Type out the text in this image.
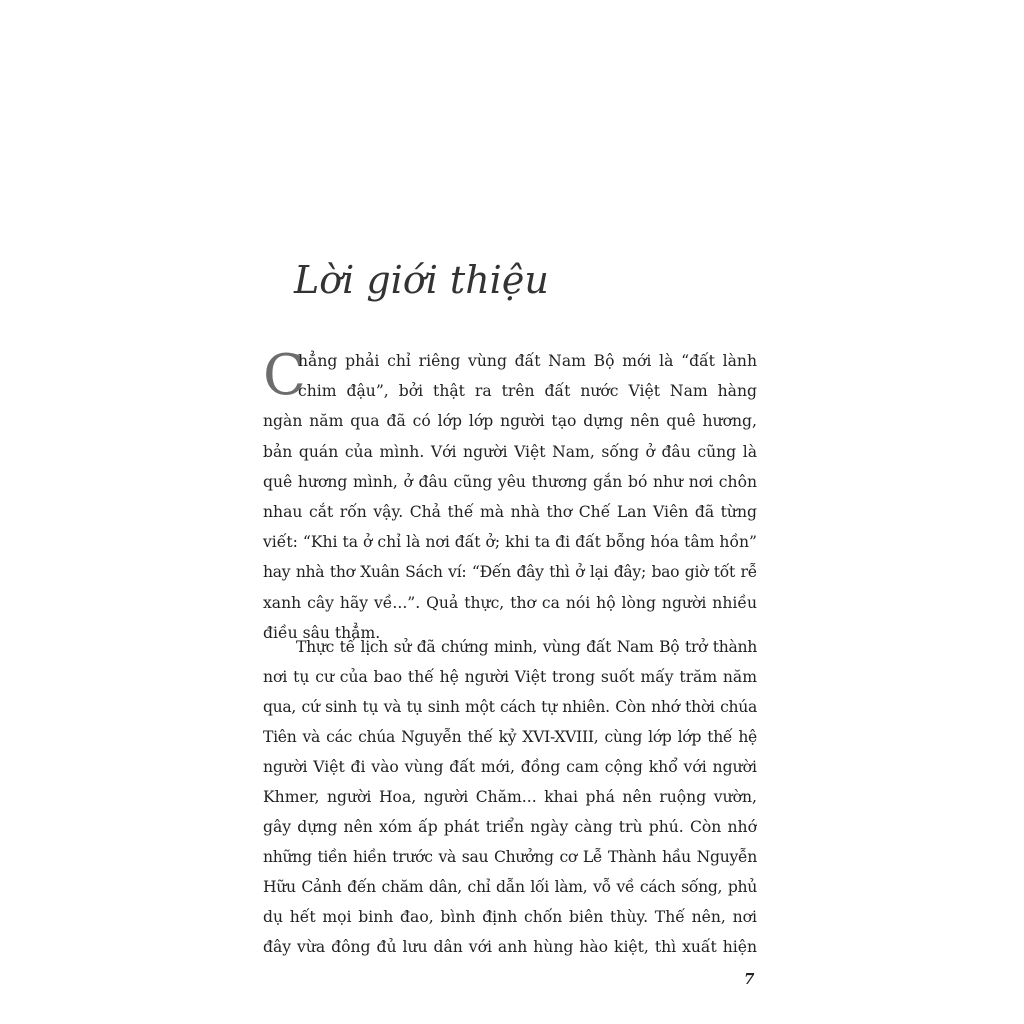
Lời giới thiệu
C
hẳng phải chỉ riêng vùng đất Nam Bộ mới là “đất lành
chim đậu”, bởi thật ra trên đất nước Việt Nam hàng
ngàn năm qua đã có lớp lớp người tạo dựng nên quê hương,
bản quán của mình. Với người Việt Nam, sống ở đâu cũng là
quê hương mình, ở đâu cũng yêu thương gắn bó như nơi chôn
nhau cắt rốn vậy. Chả thế mà nhà thơ Chế Lan Viên đã từng
viết: “Khi ta ở chỉ là nơi đất ở; khi ta đi đất bỗng hóa tâm hồn”
hay nhà thơ Xuân Sách ví: “Đến đây thì ở lại đây; bao giờ tốt rễ
xanh cây hãy về...”. Quả thực, thơ ca nói hộ lòng người nhiều
điều sâu thẳm.
Thực tế lịch sử đã chứng minh, vùng đất Nam Bộ trở thành
nơi tụ cư của bao thế hệ người Việt trong suốt mấy trăm năm
qua, cứ sinh tụ và tụ sinh một cách tự nhiên. Còn nhớ thời chúa
Tiên và các chúa Nguyễn thế kỷ XVI-XVIII, cùng lớp lớp thế hệ
người Việt đi vào vùng đất mới, đồng cam cộng khổ với người
Khmer, người Hoa, người Chăm... khai phá nên ruộng vườn,
gây dựng nên xóm ấp phát triển ngày càng trù phú. Còn nhớ
những tiền hiền trước và sau Chưởng cơ Lễ Thành hầu Nguyễn
Hữu Cảnh đến chăm dân, chỉ dẫn lối làm, vỗ về cách sống, phủ
dụ hết mọi binh đao, bình định chốn biên thùy. Thế nên, nơi
đây vừa đông đủ lưu dân với anh hùng hào kiệt, thì xuất hiện
7
